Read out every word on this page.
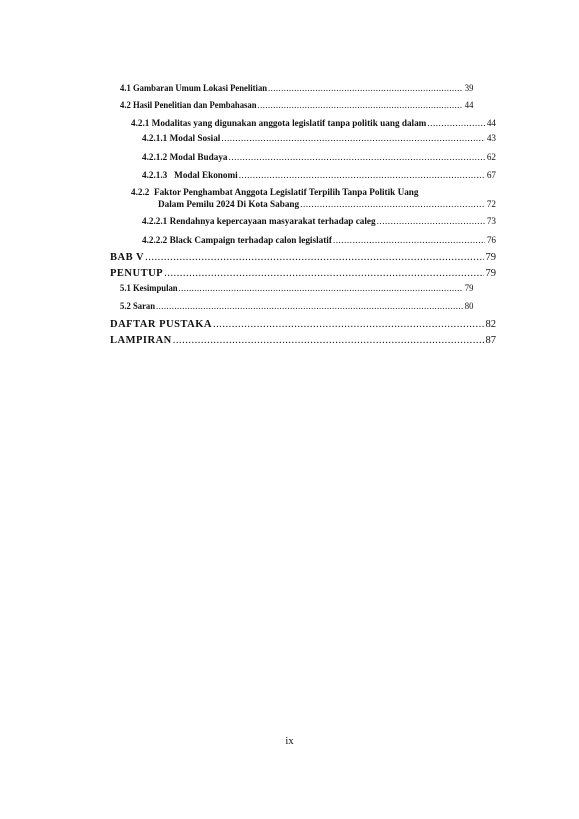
4.1 Gambaran Umum Lokasi Penelitian .....	39
4.2 Hasil Penelitian dan Pembahasan .....	44
4.2.1 Modalitas yang digunakan anggota legislatif tanpa politik uang dalam .....	44
4.2.1.1 Modal Sosial .....	43
4.2.1.2 Modal Budaya .....	62
4.2.1.3   Modal Ekonomi .....	67
4.2.2  Faktor Penghambat Anggota Legislatif Terpilih Tanpa Politik Uang
Dalam Pemilu 2024 Di Kota Sabang .....	72
4.2.2.1 Rendahnya kepercayaan masyarakat terhadap caleg .....	73
4.2.2.2 Black Campaign terhadap calon legislatif .....	76
BAB V .....	79
PENUTUP .....	79
5.1 Kesimpulan .....	79
5.2 Saran .....	80
DAFTAR PUSTAKA .....	82
LAMPIRAN .....	87
ix
